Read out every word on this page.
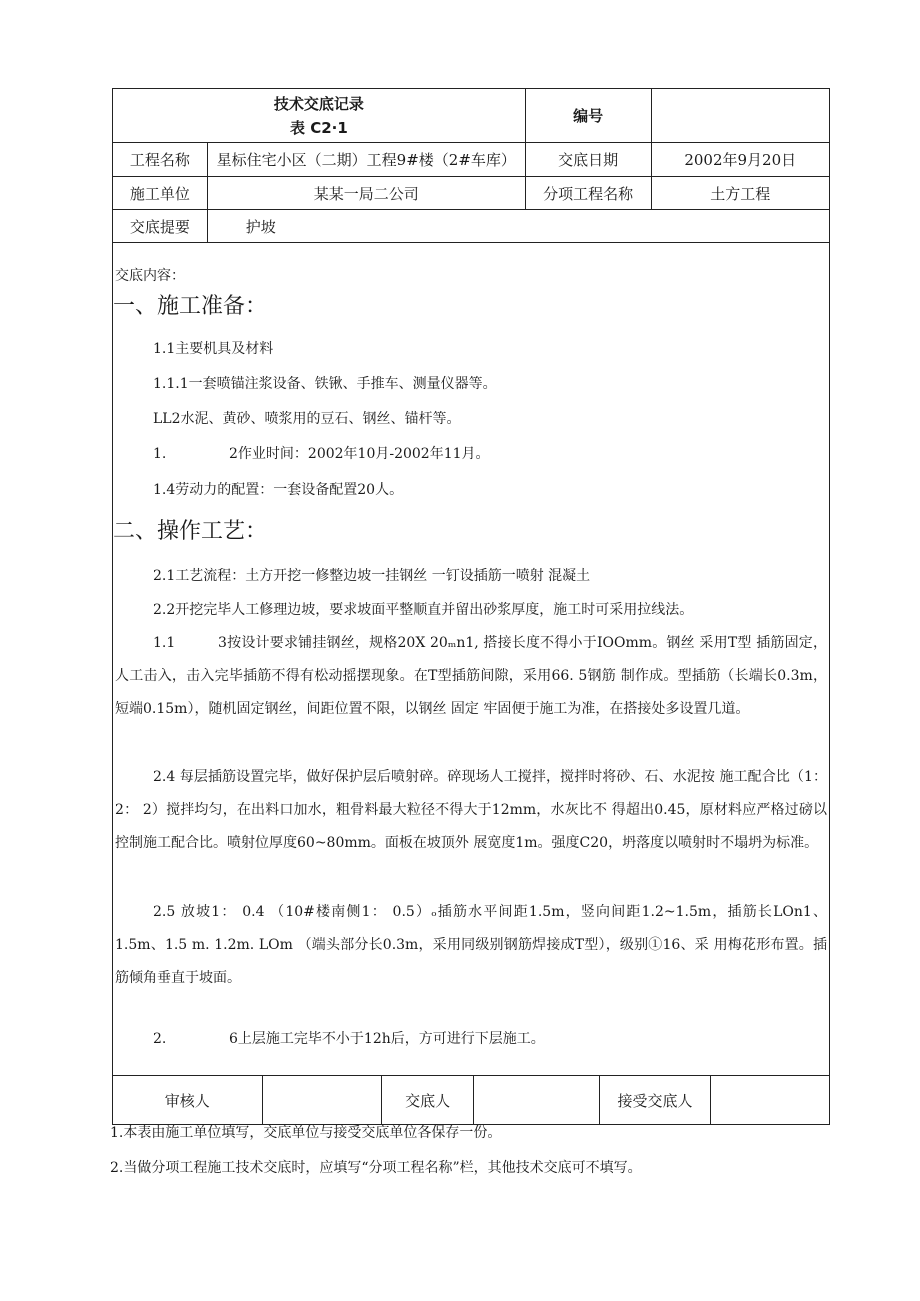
技术交底记录
表 C2·1
编号
工程名称	星标住宅小区（二期）工程9#楼（2#车库）	交底日期	2002年9月20日
施工单位	某某一局二公司	分项工程名称	土方工程
交底提要	护坡
交底内容：
一、施工准备：
1.1主要机具及材料
1.1.1一套喷锚注浆设备、铁锹、手推车、测量仪器等。
LL2水泥、黄砂、喷浆用的豆石、钢丝、锚杆等。
1.	2作业时间：2002年10月-2002年11月。
1.4劳动力的配置：一套设备配置20人。
二、操作工艺：
2.1工艺流程：土方开挖一修整边坡一挂钢丝 一钉设插筋一喷射 混凝土
2.2开挖完毕人工修理边坡，要求坡面平整顺直并留出砂浆厚度，施工时可采用拉线法。
1.1　　　3按设计要求铺挂钢丝，规格20X 20ₘn1, 搭接长度不得小于IOOmm。钢丝 采用T型 插筋固定，人工击入，击入完毕插筋不得有松动摇摆现象。在T型插筋间隙，采用66. 5钢筋 制作成。型插筋（长端长0.3m，短端0.15m），随机固定钢丝，间距位置不限，以钢丝 固定 牢固便于施工为准，在搭接处多设置几道。
2.4 每层插筋设置完毕，做好保护层后喷射碎。碎现场人工搅拌，搅拌时将砂、石、水泥按 施工配合比（1： 2： 2）搅拌均匀，在出料口加水，粗骨料最大粒径不得大于12mm，水灰比不 得超出0.45，原材料应严格过磅以控制施工配合比。喷射位厚度60~80mm。面板在坡顶外 展宽度1m。强度C20，坍落度以喷射时不塌坍为标准。
2.5 放坡1： 0.4 （10#楼南侧1： 0.5）ₒ插筋水平间距1.5m，竖向间距1.2~1.5m，插筋长LOn1、 1.5m、1.5 m. 1.2m. LOm （端头部分长0.3m，采用同级别钢筋焊接成T型），级别①16、采 用梅花形布置。插筋倾角垂直于坡面。
2.	6上层施工完毕不小于12h后，方可进行下层施工。
审核人	交底人	接受交底人
1.本表由施工单位填写，交底单位与接受交底单位各保存一份。
2.当做分项工程施工技术交底时，应填写“分项工程名称”栏，其他技术交底可不填写。
